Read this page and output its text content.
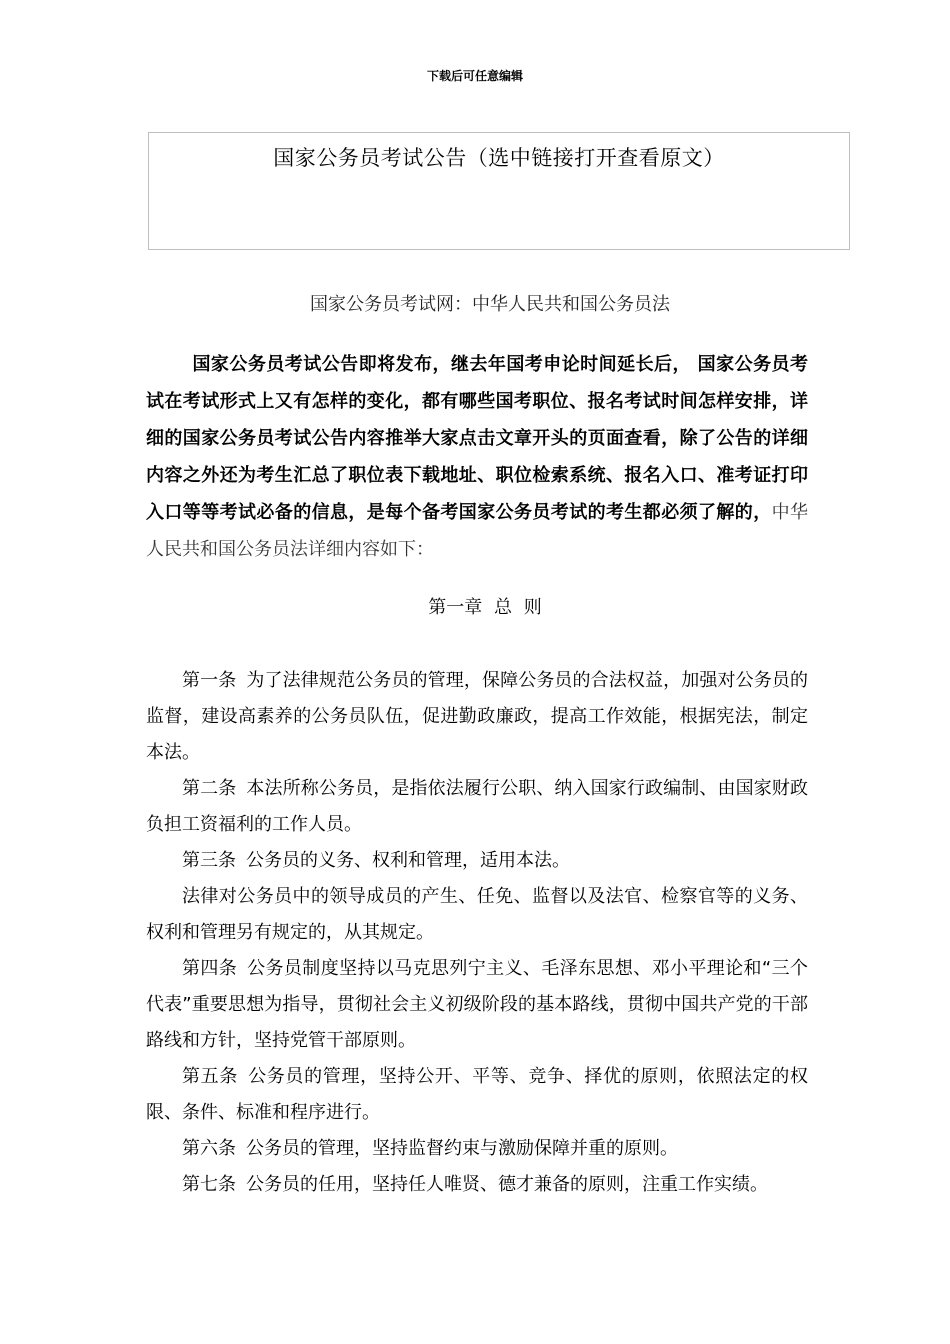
下载后可任意编辑
国家公务员考试公告（选中链接打开查看原文）
国家公务员考试网：中华人民共和国公务员法

国家公务员考试公告即将发布，继去年国考申论时间延长后， 国家公务员考试在考试形式上又有怎样的变化，都有哪些国考职位、报名考试时间怎样安排，详细的国家公务员考试公告内容推举大家点击文章开头的页面查看，除了公告的详细内容之外还为考生汇总了职位表下载地址、职位检索系统、报名入口、准考证打印入口等等考试必备的信息，是每个备考国家公务员考试的考生都必须了解的，中华人民共和国公务员法详细内容如下：

第一章 总 则

第一条 为了法律规范公务员的管理，保障公务员的合法权益，加强对公务员的监督，建设高素养的公务员队伍，促进勤政廉政，提高工作效能，根据宪法，制定本法。

第二条 本法所称公务员，是指依法履行公职、纳入国家行政编制、由国家财政负担工资福利的工作人员。

第三条 公务员的义务、权利和管理，适用本法。

法律对公务员中的领导成员的产生、任免、监督以及法官、检察官等的义务、权利和管理另有规定的，从其规定。

第四条 公务员制度坚持以马克思列宁主义、毛泽东思想、邓小平理论和“三个代表”重要思想为指导，贯彻社会主义初级阶段的基本路线，贯彻中国共产党的干部路线和方针，坚持党管干部原则。

第五条 公务员的管理，坚持公开、平等、竞争、择优的原则，依照法定的权限、条件、标准和程序进行。

第六条 公务员的管理，坚持监督约束与激励保障并重的原则。

第七条 公务员的任用，坚持任人唯贤、德才兼备的原则，注重工作实绩。
